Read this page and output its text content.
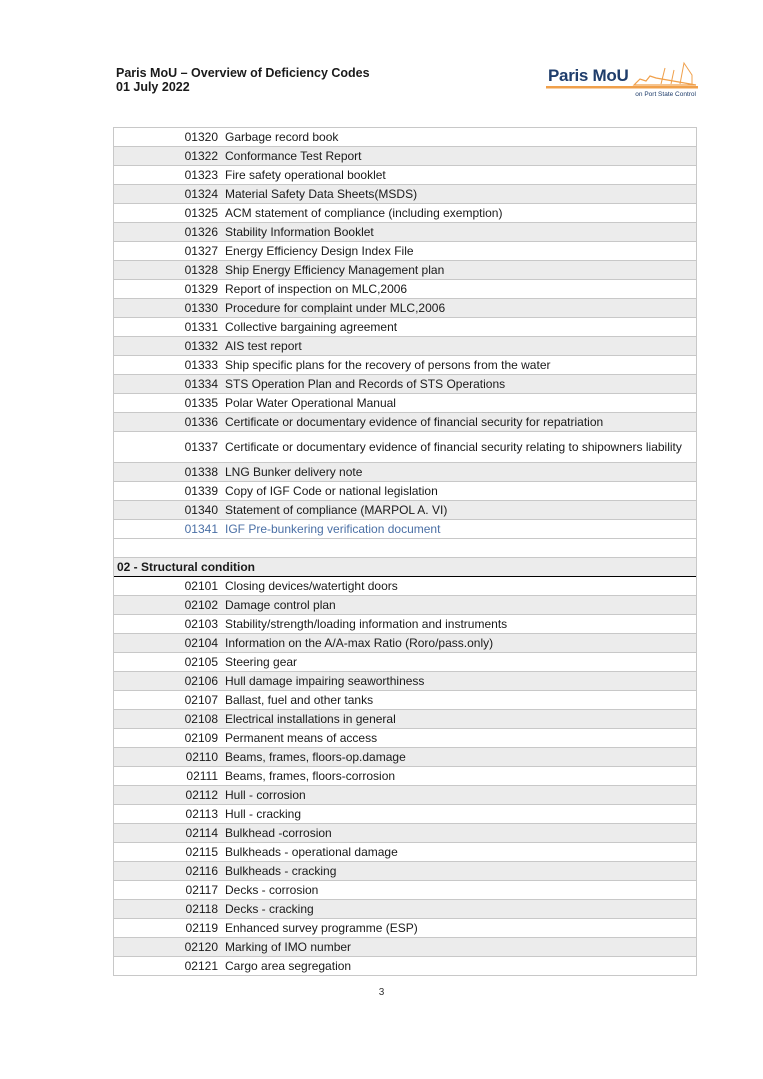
Paris MoU – Overview of Deficiency Codes
01 July 2022
Paris MoU
on Port State Control
01320 Garbage record book
01322 Conformance Test Report
01323 Fire safety operational booklet
01324 Material Safety Data Sheets(MSDS)
01325 ACM statement of compliance (including exemption)
01326 Stability Information Booklet
01327 Energy Efficiency Design Index File
01328 Ship Energy Efficiency Management plan
01329 Report of inspection on MLC,2006
01330 Procedure for complaint under MLC,2006
01331 Collective bargaining agreement
01332 AIS test report
01333 Ship specific plans for the recovery of persons from the water
01334 STS Operation Plan and Records of STS Operations
01335 Polar Water Operational Manual
01336 Certificate or documentary evidence of financial security for repatriation
01337 Certificate or documentary evidence of financial security relating to shipowners liability
01338 LNG Bunker delivery note
01339 Copy of IGF Code or national legislation
01340 Statement of compliance (MARPOL A. VI)
01341 IGF Pre-bunkering verification document
02 - Structural condition
02101 Closing devices/watertight doors
02102 Damage control plan
02103 Stability/strength/loading information and instruments
02104 Information on the A/A-max Ratio (Roro/pass.only)
02105 Steering gear
02106 Hull damage impairing seaworthiness
02107 Ballast, fuel and other tanks
02108 Electrical installations in general
02109 Permanent means of access
02110 Beams, frames, floors-op.damage
02111 Beams, frames, floors-corrosion
02112 Hull - corrosion
02113 Hull - cracking
02114 Bulkhead -corrosion
02115 Bulkheads - operational damage
02116 Bulkheads - cracking
02117 Decks - corrosion
02118 Decks - cracking
02119 Enhanced survey programme (ESP)
02120 Marking of IMO number
02121 Cargo area segregation
3
